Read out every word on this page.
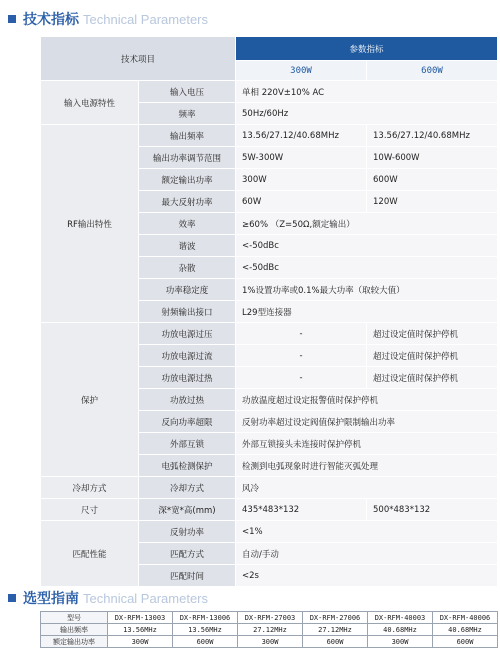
技术指标 Technical Parameters
技术项目		参数指标	
		300W	600W
输入电源特性	输入电压	单相 220V±10% AC	
	频率	50Hz/60Hz	
RF输出特性	输出频率	13.56/27.12/40.68MHz	13.56/27.12/40.68MHz
	输出功率调节范围	5W-300W	10W-600W
	额定输出功率	300W	600W
	最大反射功率	60W	120W
	效率	≥60% （Z=50Ω,额定输出）	
	谐波	<-50dBc	
	杂散	<-50dBc	
	功率稳定度	1%设置功率或0.1%最大功率（取较大值）	
	射频输出接口	L29型连接器	
保护	功放电源过压	-	超过设定值时保护停机
	功放电源过流	-	超过设定值时保护停机
	功放电源过热	-	超过设定值时保护停机
	功放过热	功放温度超过设定报警值时保护停机	
	反向功率超限	反射功率超过设定阀值保护限制输出功率	
	外部互锁	外部互锁接头未连接时保护停机	
	电弧检测保护	检测到电弧现象时进行智能灭弧处理	
冷却方式	冷却方式	风冷	
尺寸	深*宽*高(mm)	435*483*132	500*483*132
匹配性能	反射功率	<1%	
	匹配方式	自动/手动	
	匹配时间	<2s	
选型指南 Technical Parameters
型号	DX-RFM-13003	DX-RFM-13006	DX-RFM-27003	DX-RFM-27006	DX-RFM-40003	DX-RFM-40006
输出频率	13.56MHz	13.56MHz	27.12MHz	27.12MHz	40.68MHz	40.68MHz
额定输出功率	300W	600W	300W	600W	300W	600W
